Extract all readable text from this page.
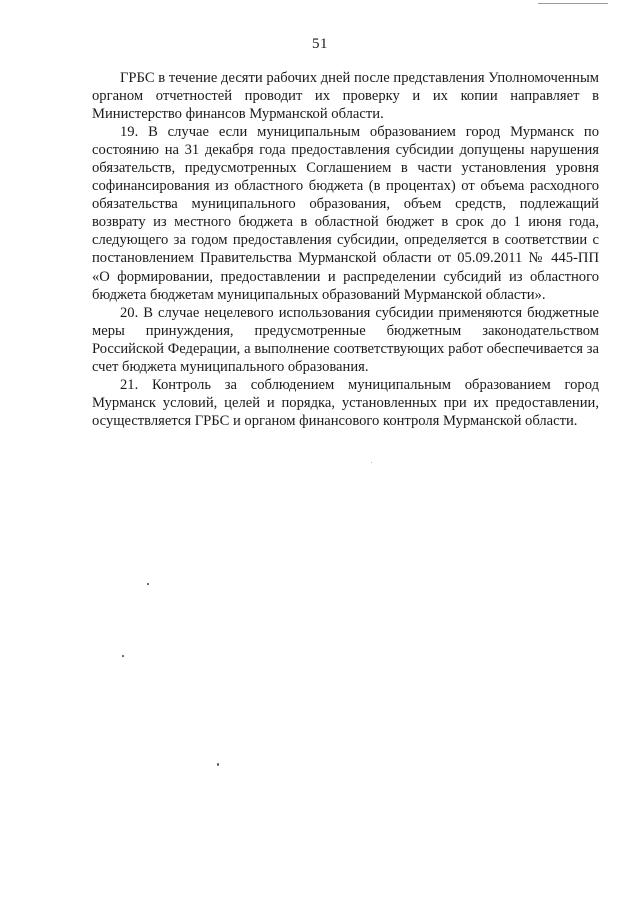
51

ГРБС в течение десяти рабочих дней после представления Уполномоченным органом отчетностей проводит их проверку и их копии направляет в Министерство финансов Мурманской области.

19. В случае если муниципальным образованием город Мурманск по состоянию на 31 декабря года предоставления субсидии допущены нарушения обязательств, предусмотренных Соглашением в части установления уровня софинансирования из областного бюджета (в процентах) от объема расходного обязательства муниципального образования, объем средств, подлежащий возврату из местного бюджета в областной бюджет в срок до 1 июня года, следующего за годом предоставления субсидии, определяется в соответствии с постановлением Правительства Мурманской области от 05.09.2011 № 445-ПП «О формировании, предоставлении и распределении субсидий из областного бюджета бюджетам муниципальных образований Мурманской области».

20. В случае нецелевого использования субсидии применяются бюджетные меры принуждения, предусмотренные бюджетным законодательством Российской Федерации, а выполнение соответствующих работ обеспечивается за счет бюджета муниципального образования.

21. Контроль за соблюдением муниципальным образованием город Мурманск условий, целей и порядка, установленных при их предоставлении, осуществляется ГРБС и органом финансового контроля Мурманской области.
